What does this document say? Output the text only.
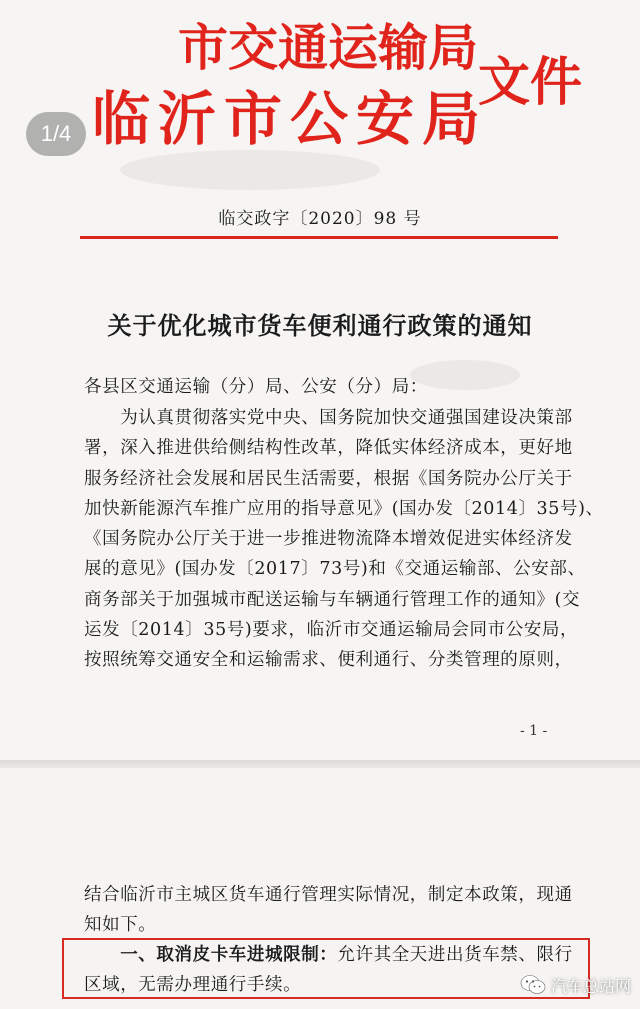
市交通运输局
临沂市公安局
文件
1/4
临交政字〔2020〕98 号
关于优化城市货车便利通行政策的通知
各县区交通运输（分）局、公安（分）局：
　　为认真贯彻落实党中央、国务院加快交通强国建设决策部
署，深入推进供给侧结构性改革，降低实体经济成本，更好地
服务经济社会发展和居民生活需要，根据《国务院办公厅关于
加快新能源汽车推广应用的指导意见》(国办发〔2014〕35号)、
《国务院办公厅关于进一步推进物流降本增效促进实体经济发
展的意见》(国办发〔2017〕73号)和《交通运输部、公安部、
商务部关于加强城市配送运输与车辆通行管理工作的通知》(交
运发〔2014〕35号)要求，临沂市交通运输局会同市公安局，
按照统筹交通安全和运输需求、便利通行、分类管理的原则，
- 1 -
结合临沂市主城区货车通行管理实际情况，制定本政策，现通
知如下。
　　一、取消皮卡车进城限制：允许其全天进出货车禁、限行
区域，无需办理通行手续。	汽车总站网
